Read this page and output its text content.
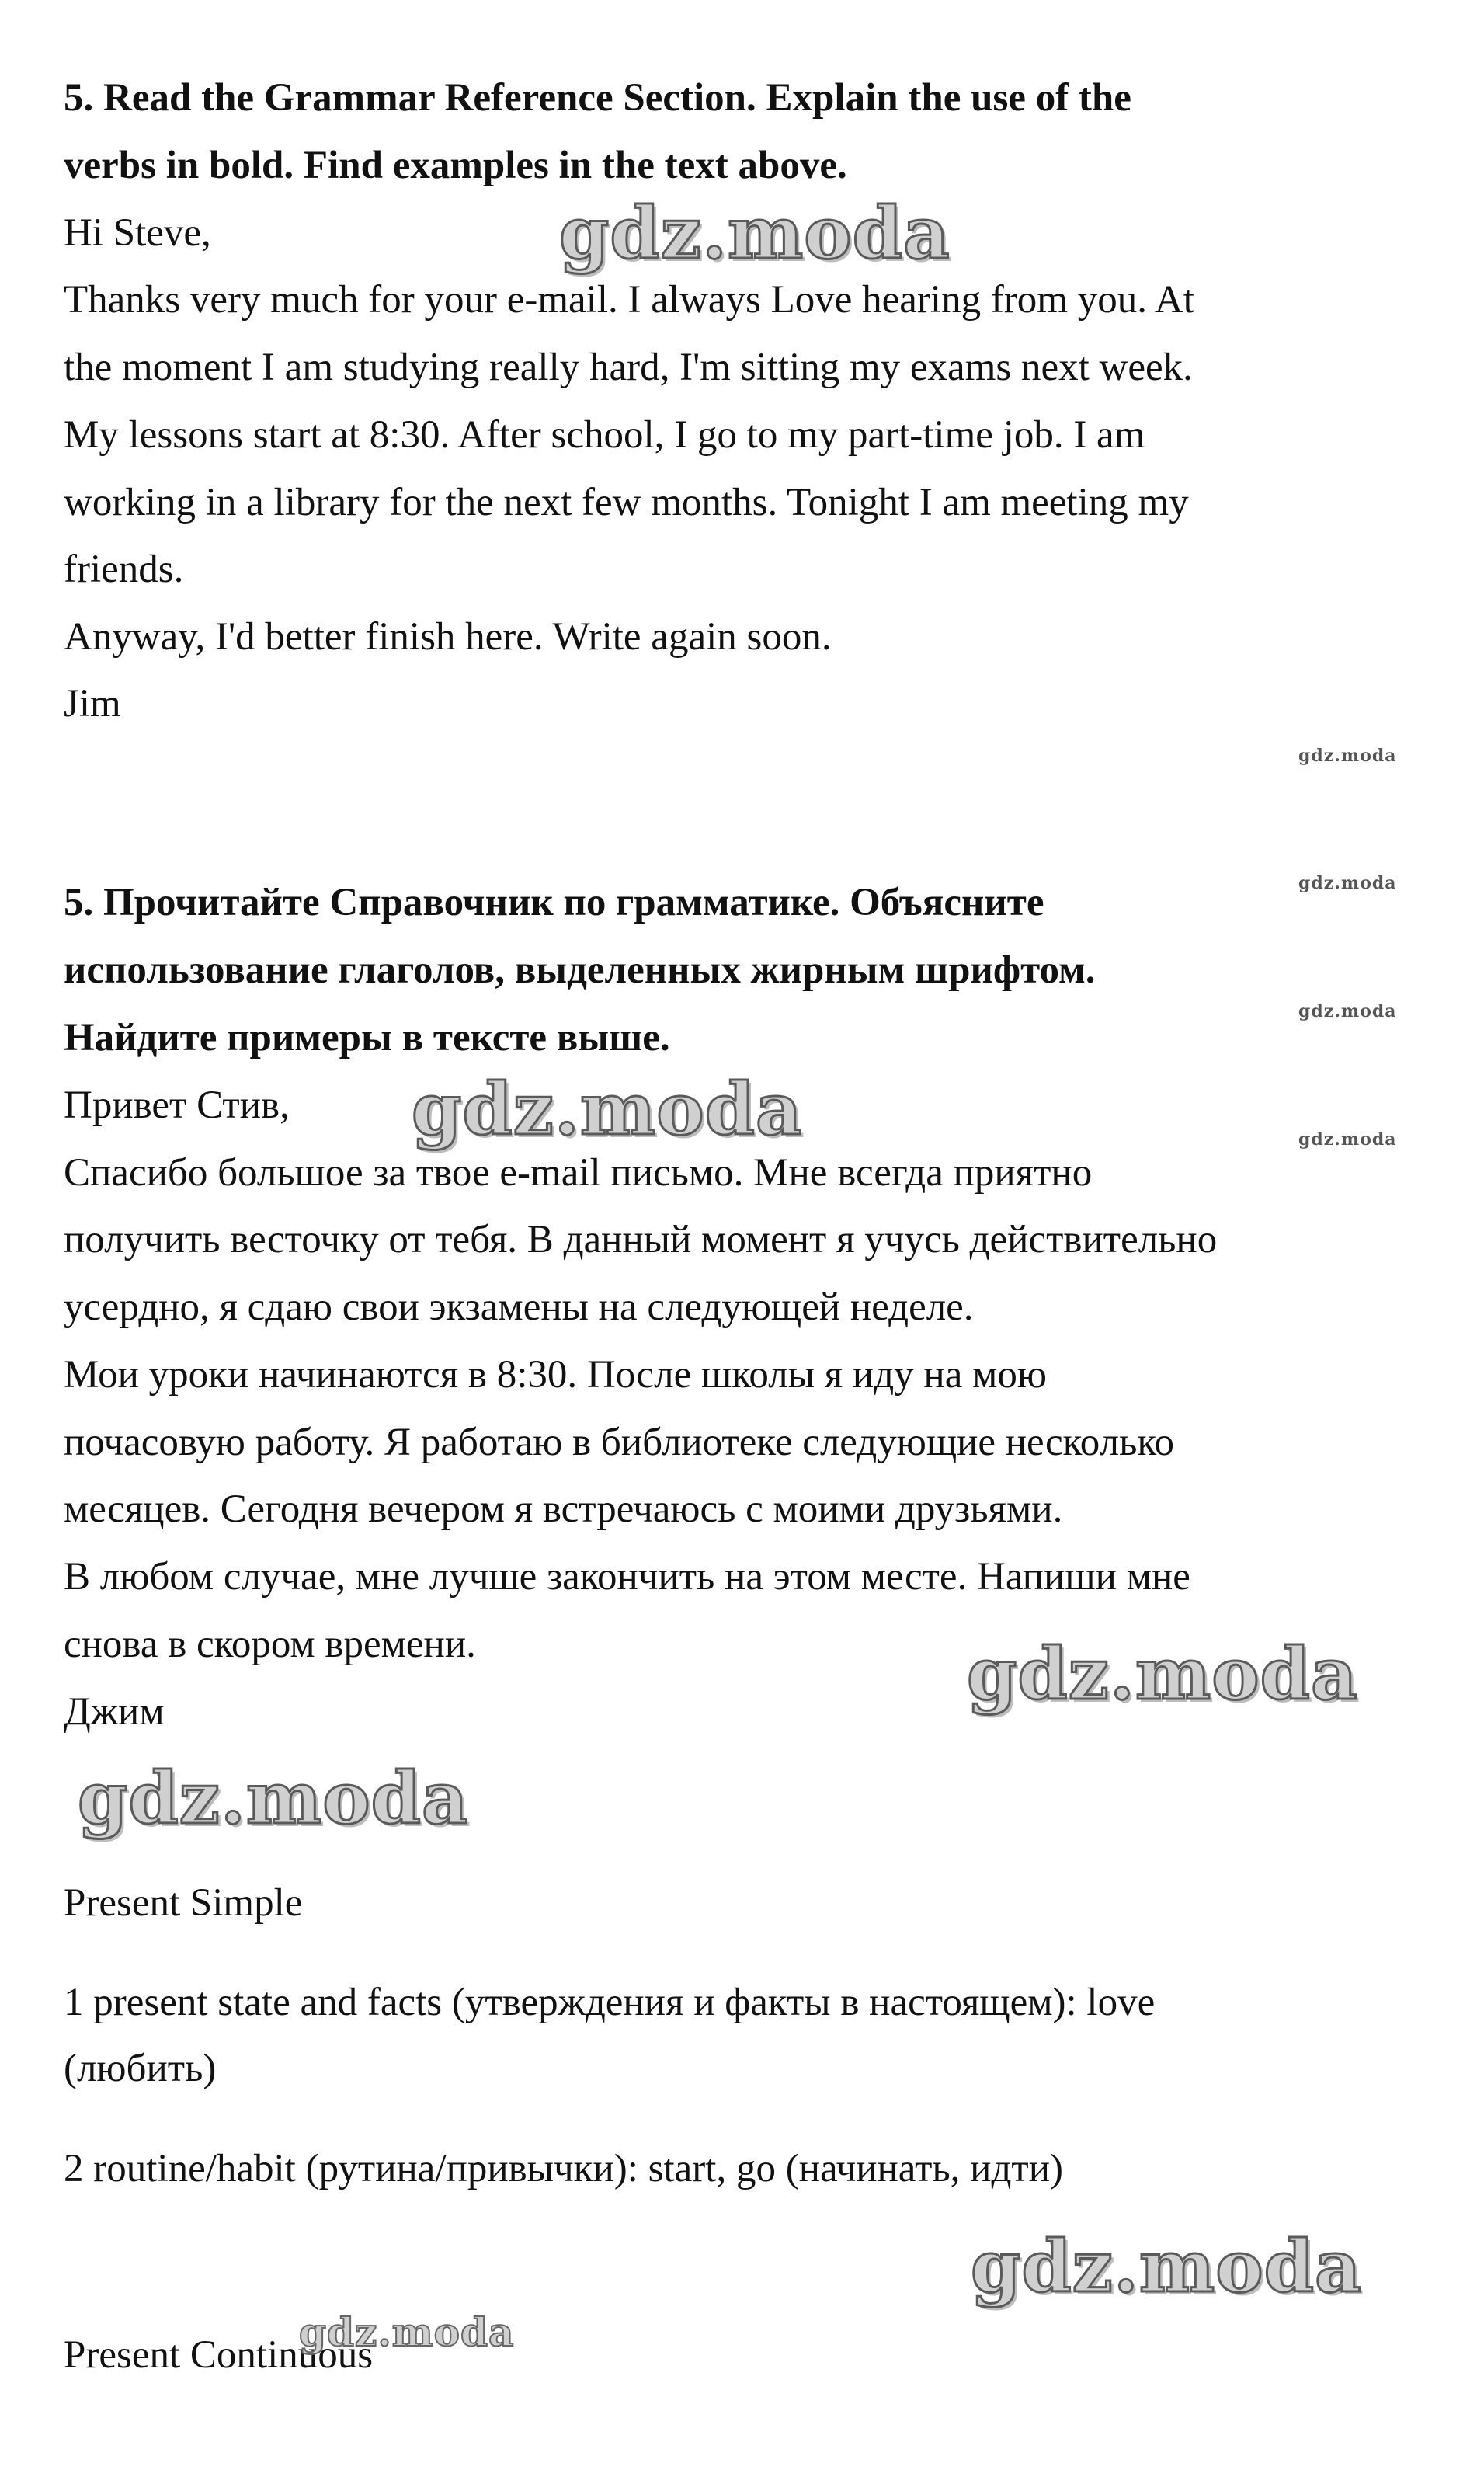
5. Read the Grammar Reference Section. Explain the use of the
verbs in bold. Find examples in the text above.
Hi Steve,
Thanks very much for your e-mail. I always Love hearing from you. At
the moment I am studying really hard, I'm sitting my exams next week.
My lessons start at 8:30. After school, I go to my part-time job. I am
working in a library for the next few months. Tonight I am meeting my
friends.
Anyway, I'd better finish here. Write again soon.
Jim
5. Прочитайте Справочник по грамматике. Объясните
использование глаголов, выделенных жирным шрифтом.
Найдите примеры в тексте выше.
Привет Стив,
Спасибо большое за твое e-mail письмо. Мне всегда приятно
получить весточку от тебя. В данный момент я учусь действительно
усердно, я сдаю свои экзамены на следующей неделе.
Мои уроки начинаются в 8:30. После школы я иду на мою
почасовую работу. Я работаю в библиотеке следующие несколько
месяцев. Сегодня вечером я встречаюсь с моими друзьями.
В любом случае, мне лучше закончить на этом месте. Напиши мне
снова в скором времени.
Джим
Present Simple
1 present state and facts (утверждения и факты в настоящем): love
(любить)
2 routine/habit (рутина/привычки): start, go (начинать, идти)
Present Continuous
gdz.moda
gdz.moda
gdz.moda
gdz.moda
gdz.moda	gdz.moda
gdz.moda
gdz.moda
gdz.moda
gdz.moda
